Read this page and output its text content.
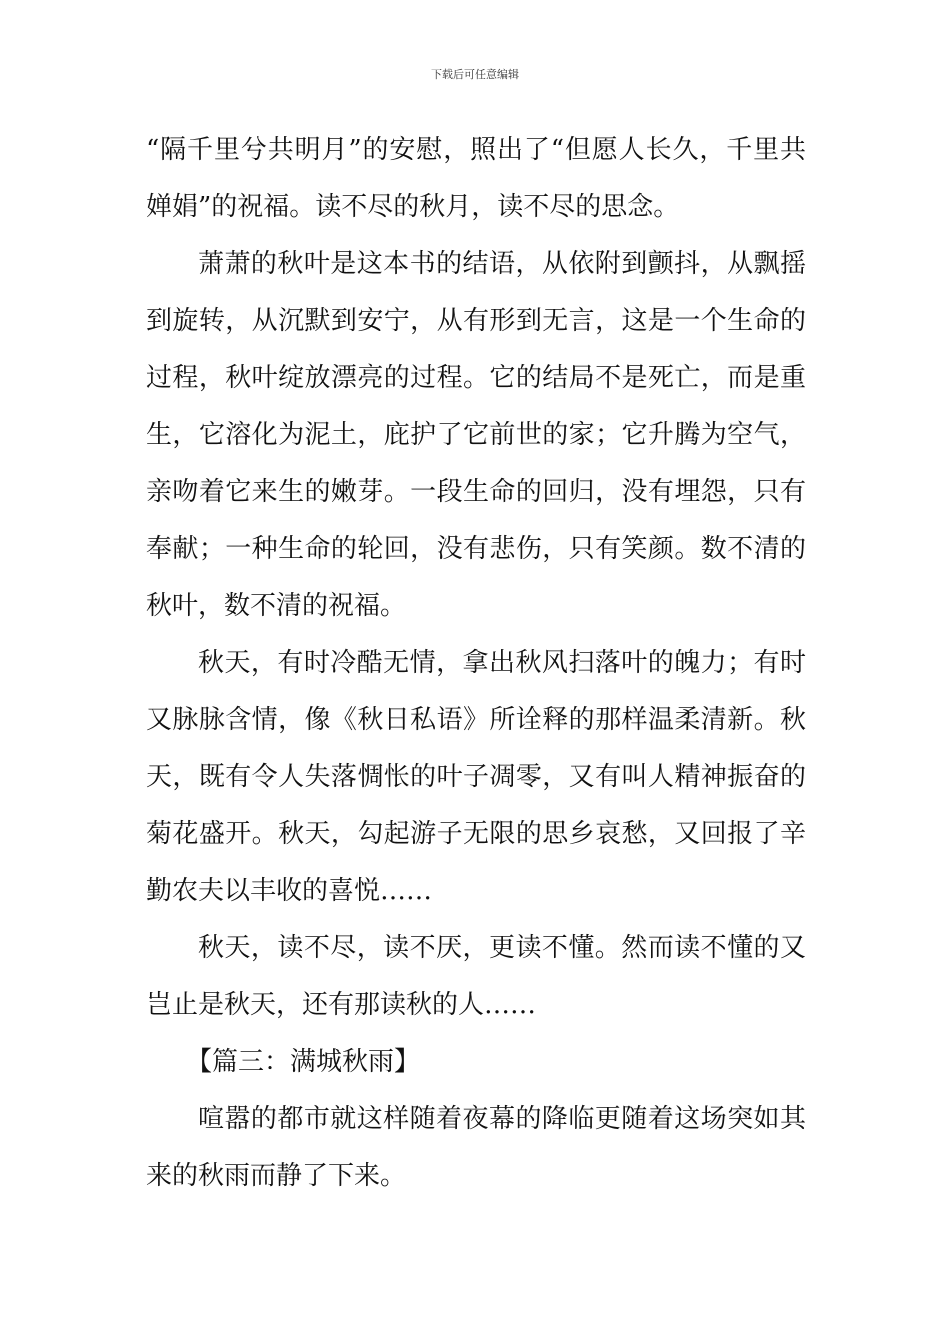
下载后可任意编辑

“隔千里兮共明月”的安慰，照出了“但愿人长久，千里共婵娟”的祝福。读不尽的秋月，读不尽的思念。

萧萧的秋叶是这本书的结语，从依附到颤抖，从飘摇到旋转，从沉默到安宁，从有形到无言，这是一个生命的过程，秋叶绽放漂亮的过程。它的结局不是死亡，而是重生，它溶化为泥土，庇护了它前世的家；它升腾为空气，亲吻着它来生的嫩芽。一段生命的回归，没有埋怨，只有奉献；一种生命的轮回，没有悲伤，只有笑颜。数不清的秋叶，数不清的祝福。

秋天，有时冷酷无情，拿出秋风扫落叶的魄力；有时又脉脉含情，像《秋日私语》所诠释的那样温柔清新。秋天，既有令人失落惆怅的叶子凋零，又有叫人精神振奋的菊花盛开。秋天，勾起游子无限的思乡哀愁，又回报了辛勤农夫以丰收的喜悦……

秋天，读不尽，读不厌，更读不懂。然而读不懂的又岂止是秋天，还有那读秋的人……

【篇三：满城秋雨】

喧嚣的都市就这样随着夜幕的降临更随着这场突如其来的秋雨而静了下来。
